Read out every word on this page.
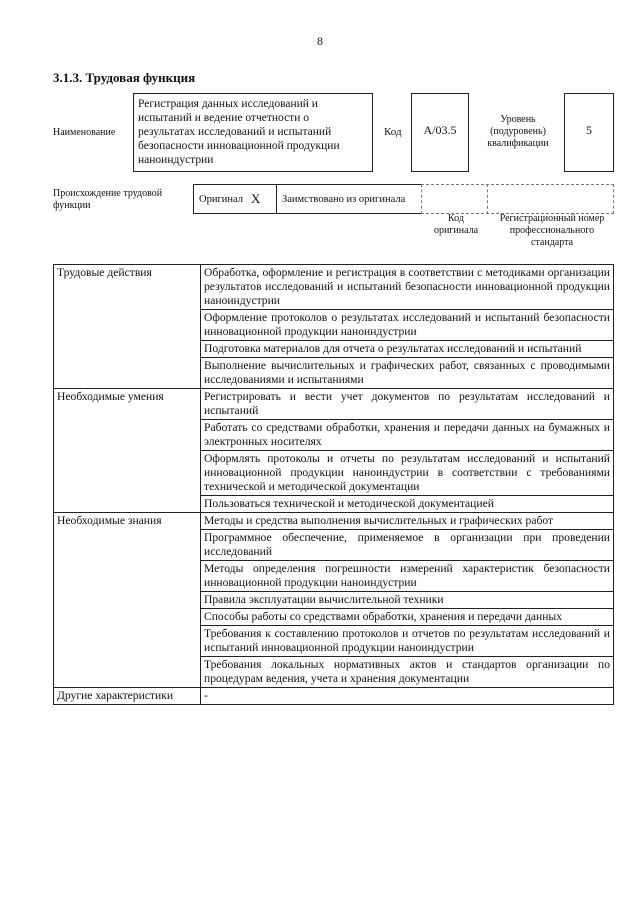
8
3.1.3. Трудовая функция
Наименование
Регистрация данных исследований и испытаний и ведение отчетности о результатах исследований и испытаний безопасности инновационной продукции наноиндустрии
Код	А/03.5
Уровень (подуровень) квалификации
5
Происхождение трудовой функции
Оригинал X Заимствовано из оригинала
Код оригинала
Регистрационный номер профессионального стандарта
Трудовые действия	Обработка, оформление и регистрация в соответствии с методиками организации результатов исследований и испытаний безопасности инновационной продукции наноиндустрии
	Оформление протоколов о результатах исследований и испытаний безопасности инновационной продукции наноиндустрии
	Подготовка материалов для отчета о результатах исследований и испытаний
	Выполнение вычислительных и графических работ, связанных с проводимыми исследованиями и испытаниями
Необходимые умения	Регистрировать и вести учет документов по результатам исследований и испытаний
	Работать со средствами обработки, хранения и передачи данных на бумажных и электронных носителях
	Оформлять протоколы и отчеты по результатам исследований и испытаний инновационной продукции наноиндустрии в соответствии с требованиями технической и методической документации
	Пользоваться технической и методической документацией
Необходимые знания	Методы и средства выполнения вычислительных и графических работ
	Программное обеспечение, применяемое в организации при проведении исследований
	Методы определения погрешности измерений характеристик безопасности инновационной продукции наноиндустрии
	Правила эксплуатации вычислительной техники
	Способы работы со средствами обработки, хранения и передачи данных
	Требования к составлению протоколов и отчетов по результатам исследований и испытаний инновационной продукции наноиндустрии
	Требования локальных нормативных актов и стандартов организации по процедурам ведения, учета и хранения документации
Другие характеристики	-
